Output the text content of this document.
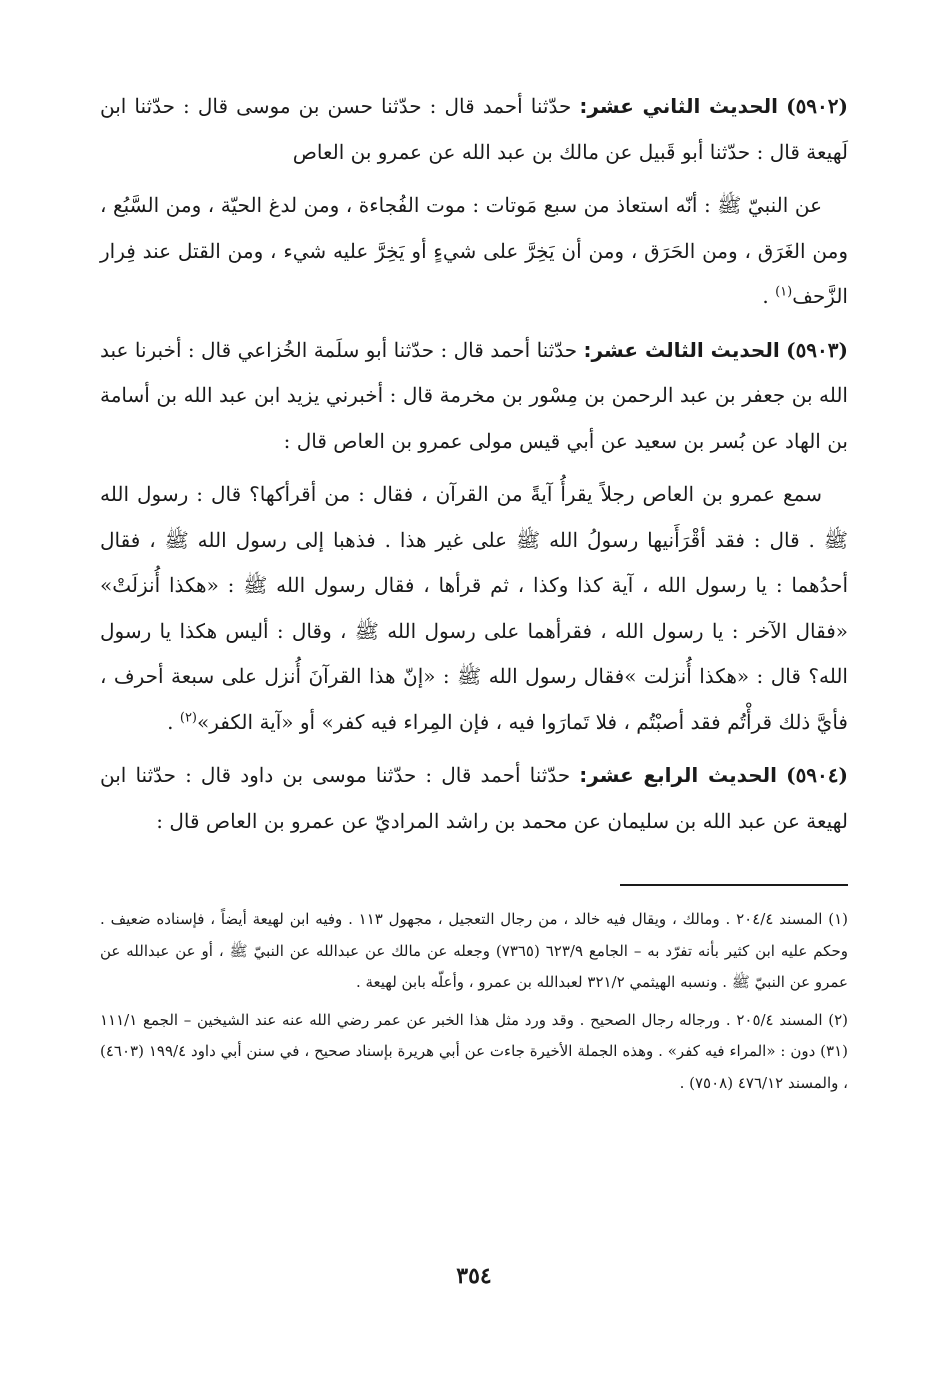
(٥٩٠٢) الحديث الثاني عشر: حدّثنا أحمد قال : حدّثنا حسن بن موسى قال : حدّثنا ابن لَهيعة قال : حدّثنا أبو قَبيل عن مالك بن عبد الله عن عمرو بن العاص

عن النبيّ ﷺ : أنّه استعاذ من سبع مَوتات : موت الفُجاءة ، ومن لدغ الحيّة ، ومن السَّبُع ، ومن الغَرَق ، ومن الحَرَق ، ومن أن يَخِرَّ على شيءٍ أو يَخِرَّ عليه شيء ، ومن القتل عند فِرار الزَّحف$^{(١)}$ .

(٥٩٠٣) الحديث الثالث عشر: حدّثنا أحمد قال : حدّثنا أبو سلَمة الخُزاعي قال : أخبرنا عبد الله بن جعفر بن عبد الرحمن بن مِسْور بن مخرمة قال : أخبرني يزيد ابن عبد الله بن أسامة بن الهاد عن بُسر بن سعيد عن أبي قيس مولى عمرو بن العاص قال :

سمع عمرو بن العاص رجلاً يقرأُ آيةً من القرآن ، فقال : من أقرأكها؟ قال : رسول الله ﷺ . قال : فقد أقْرَأَنيها رسولُ الله ﷺ على غير هذا . فذهبا إلى رسول الله ﷺ ، فقال أحدُهما : يا رسول الله ، آية كذا وكذا ، ثم قرأها ، فقال رسول الله ﷺ : «هكذا أُنزلَتْ» «فقال الآخر : يا رسول الله ، فقرأهما على رسول الله ﷺ ، وقال : أليس هكذا يا رسول الله؟ قال : «هكذا أُنزلت »فقال رسول الله ﷺ : «إنّ هذا القرآنَ أُنزل على سبعة أحرف ، فأيَّ ذلك قرأْتُم فقد أصبْتُم ، فلا تَمارَوا فيه ، فإن المِراء فيه كفر» أو «آية الكفر»$^{(٢)}$ .

(٥٩٠٤) الحديث الرابع عشر: حدّثنا أحمد قال : حدّثنا موسى بن داود قال : حدّثنا ابن لهيعة عن عبد الله بن سليمان عن محمد بن راشد المراديّ عن عمرو بن العاص قال :

(١) المسند ٢٠٤/٤ . ومالك ، ويقال فيه خالد ، من رجال التعجيل ، مجهول ١١٣ . وفيه ابن لهيعة أيضاً ، فإسناده ضعيف . وحكم عليه ابن كثير بأنه تفرّد به – الجامع ٦٢٣/٩ (٧٣٦٥) وجعله عن مالك عن عبدالله عن النبيّ ﷺ ، أو عن عبدالله عن عمرو عن النبيّ ﷺ . ونسبه الهيثمي ٣٢١/٢ لعبدالله بن عمرو ، وأعلّه بابن لهيعة .

(٢) المسند ٢٠٥/٤ . ورجاله رجال الصحيح . وقد ورد مثل هذا الخبر عن عمر رضي الله عنه عند الشيخين – الجمع ١١١/١ (٣١) دون : «المراء فيه كفر» . وهذه الجملة الأخيرة جاءت عن أبي هريرة بإسناد صحيح ، في سنن أبي داود ١٩٩/٤ (٤٦٠٣) ، والمسند ٤٧٦/١٢ (٧٥٠٨) .

٣٥٤
